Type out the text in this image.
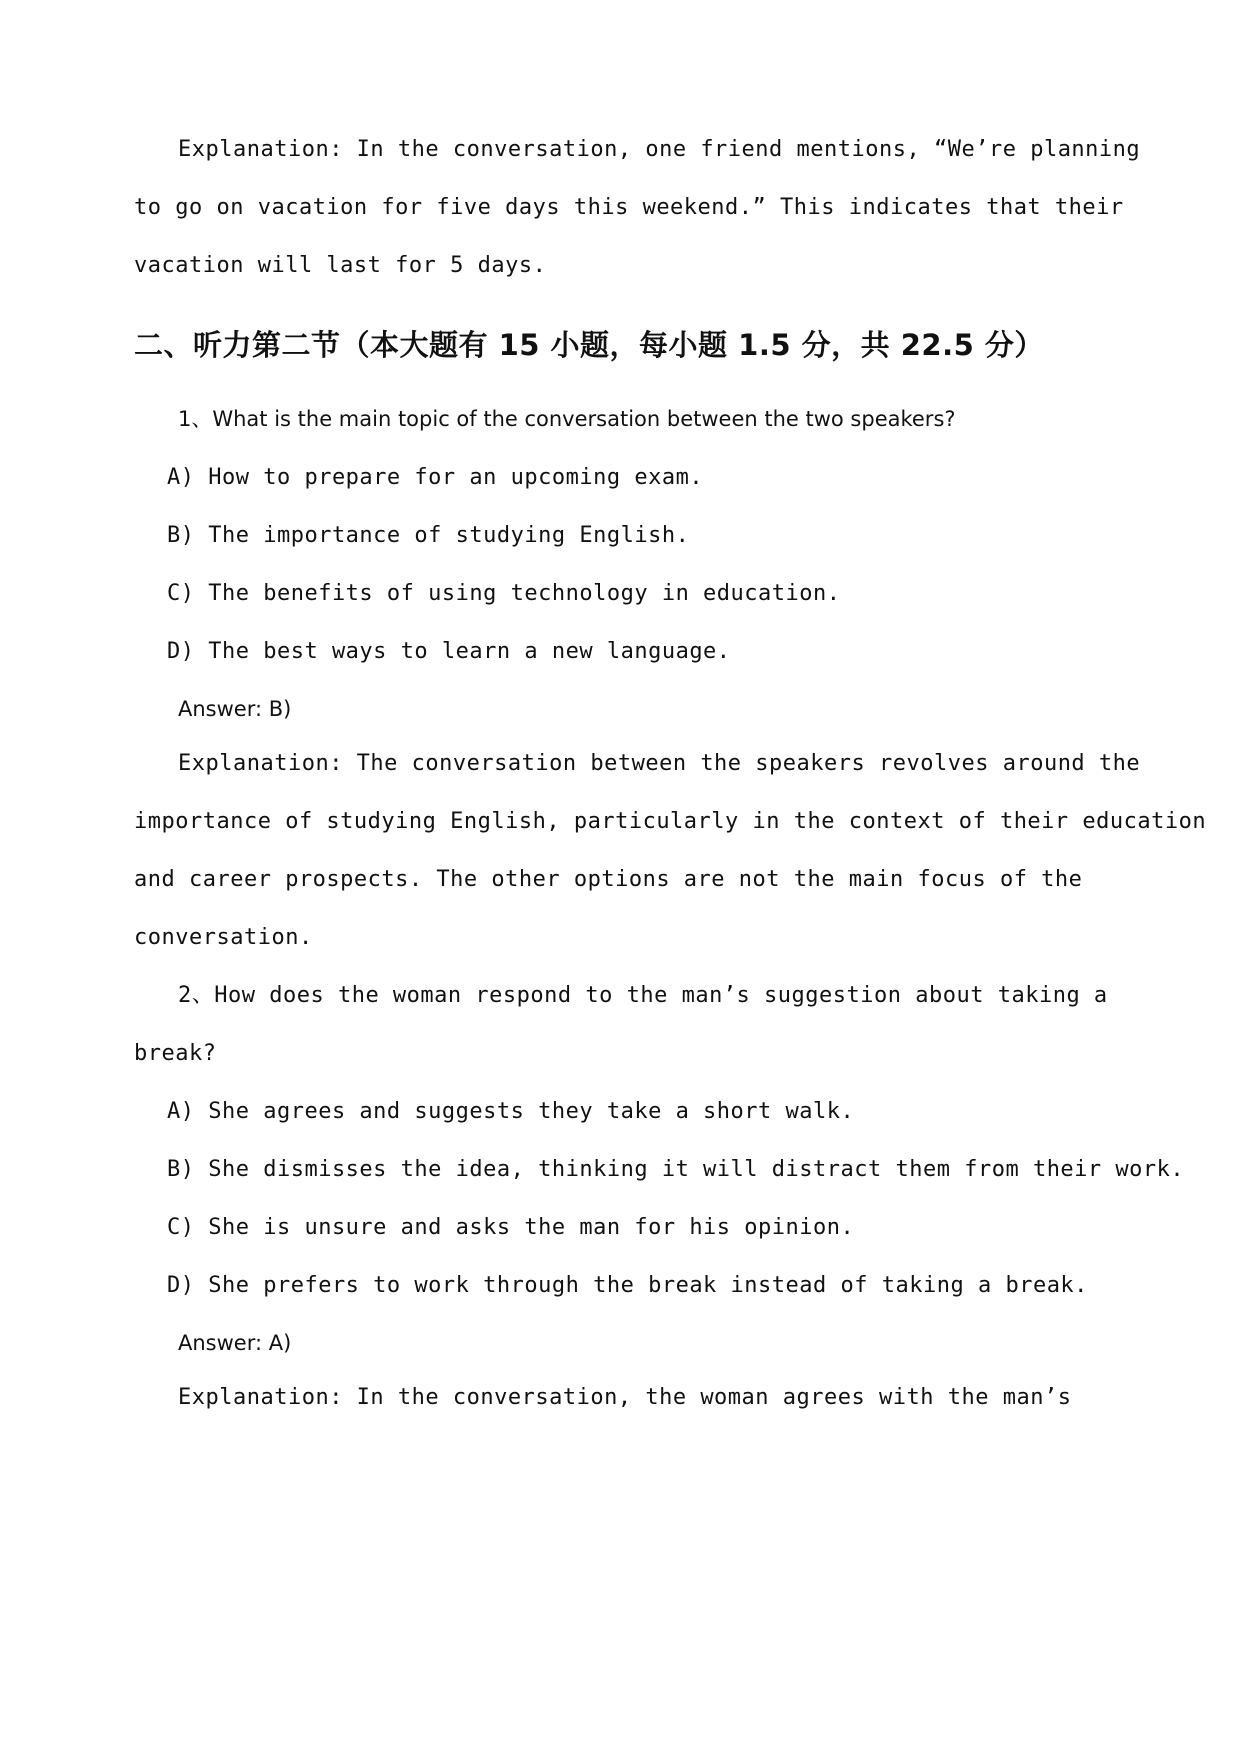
Explanation: In the conversation, one friend mentions, “We’re planning
to go on vacation for five days this weekend.” This indicates that their
vacation will last for 5 days.
二、听力第二节（本大题有 15 小题，每小题 1.5 分，共 22.5 分）
1、What is the main topic of the conversation between the two speakers?
A) How to prepare for an upcoming exam.
B) The importance of studying English.
C) The benefits of using technology in education.
D) The best ways to learn a new language.
Answer: B)
Explanation: The conversation between the speakers revolves around the
importance of studying English, particularly in the context of their education
and career prospects. The other options are not the main focus of the
conversation.
2、How does the woman respond to the man’s suggestion about taking a
break?
A) She agrees and suggests they take a short walk.
B) She dismisses the idea, thinking it will distract them from their work.
C) She is unsure and asks the man for his opinion.
D) She prefers to work through the break instead of taking a break.
Answer: A)
Explanation: In the conversation, the woman agrees with the man’s
